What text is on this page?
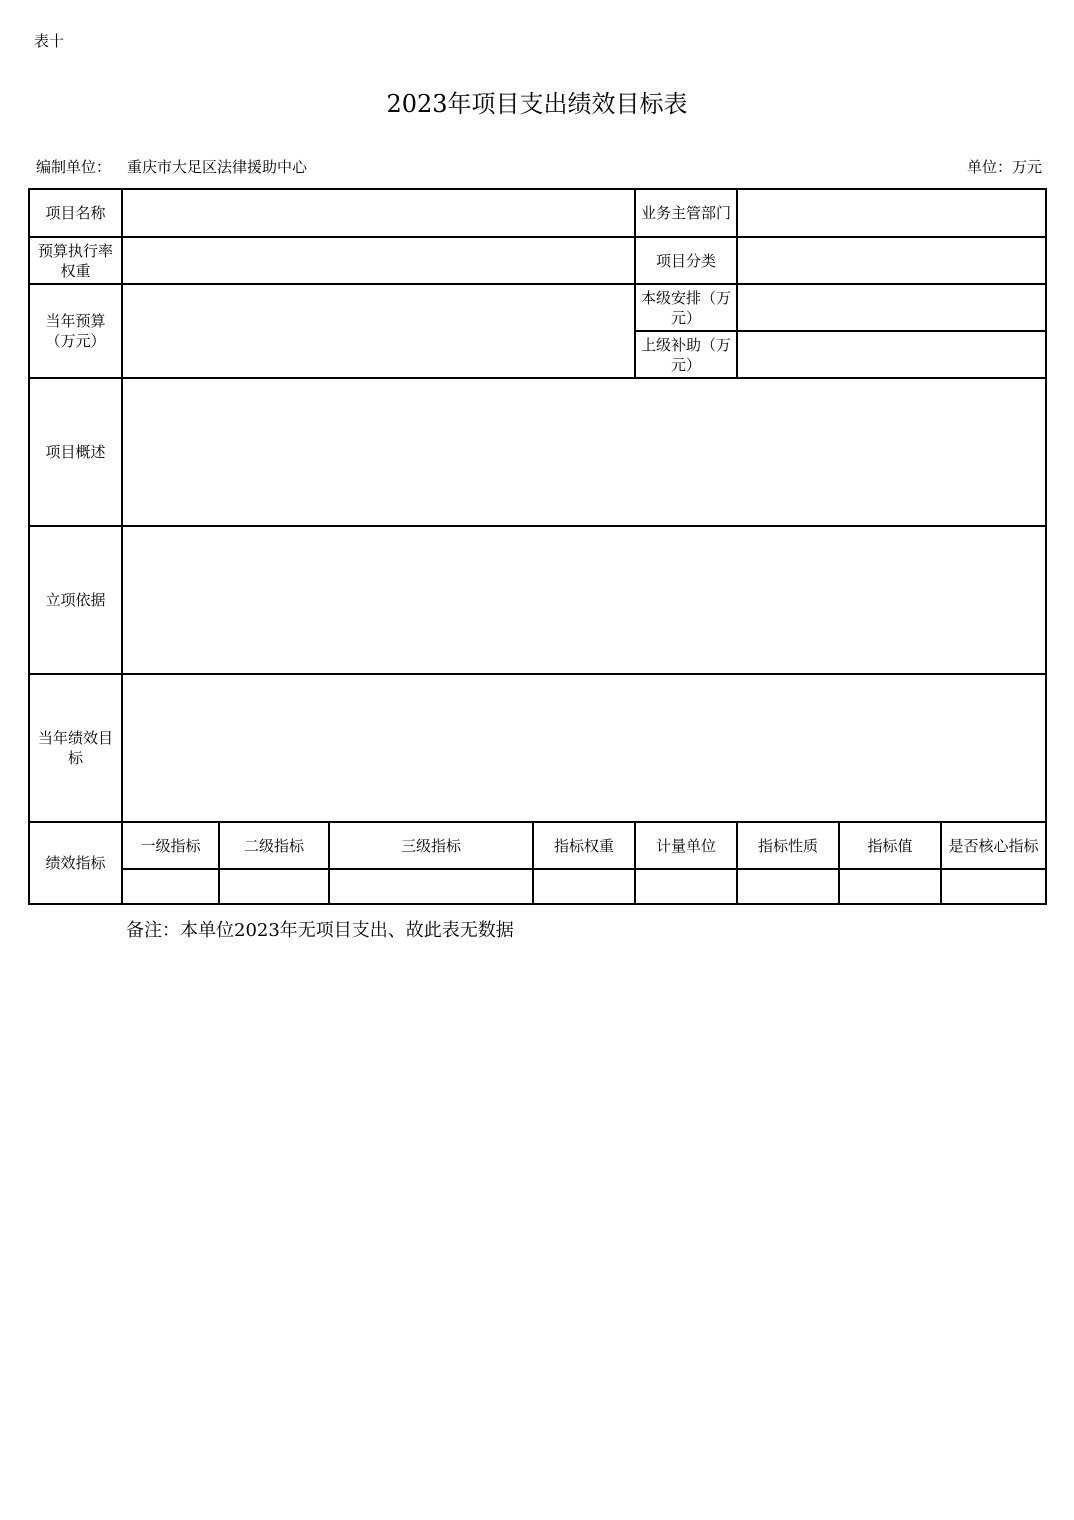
表十
2023年项目支出绩效目标表
编制单位： 重庆市大足区法律援助中心	单位：万元
项目名称					业务主管部门			
预算执行率权重					项目分类			
当年预算（万元）					本级安排（万元）			
					上级补助（万元）			
项目概述								
立项依据								
当年绩效目标								
绩效指标	一级指标	二级指标	三级指标	指标权重	计量单位	指标性质	指标值	是否核心指标

备注：本单位2023年无项目支出、故此表无数据
